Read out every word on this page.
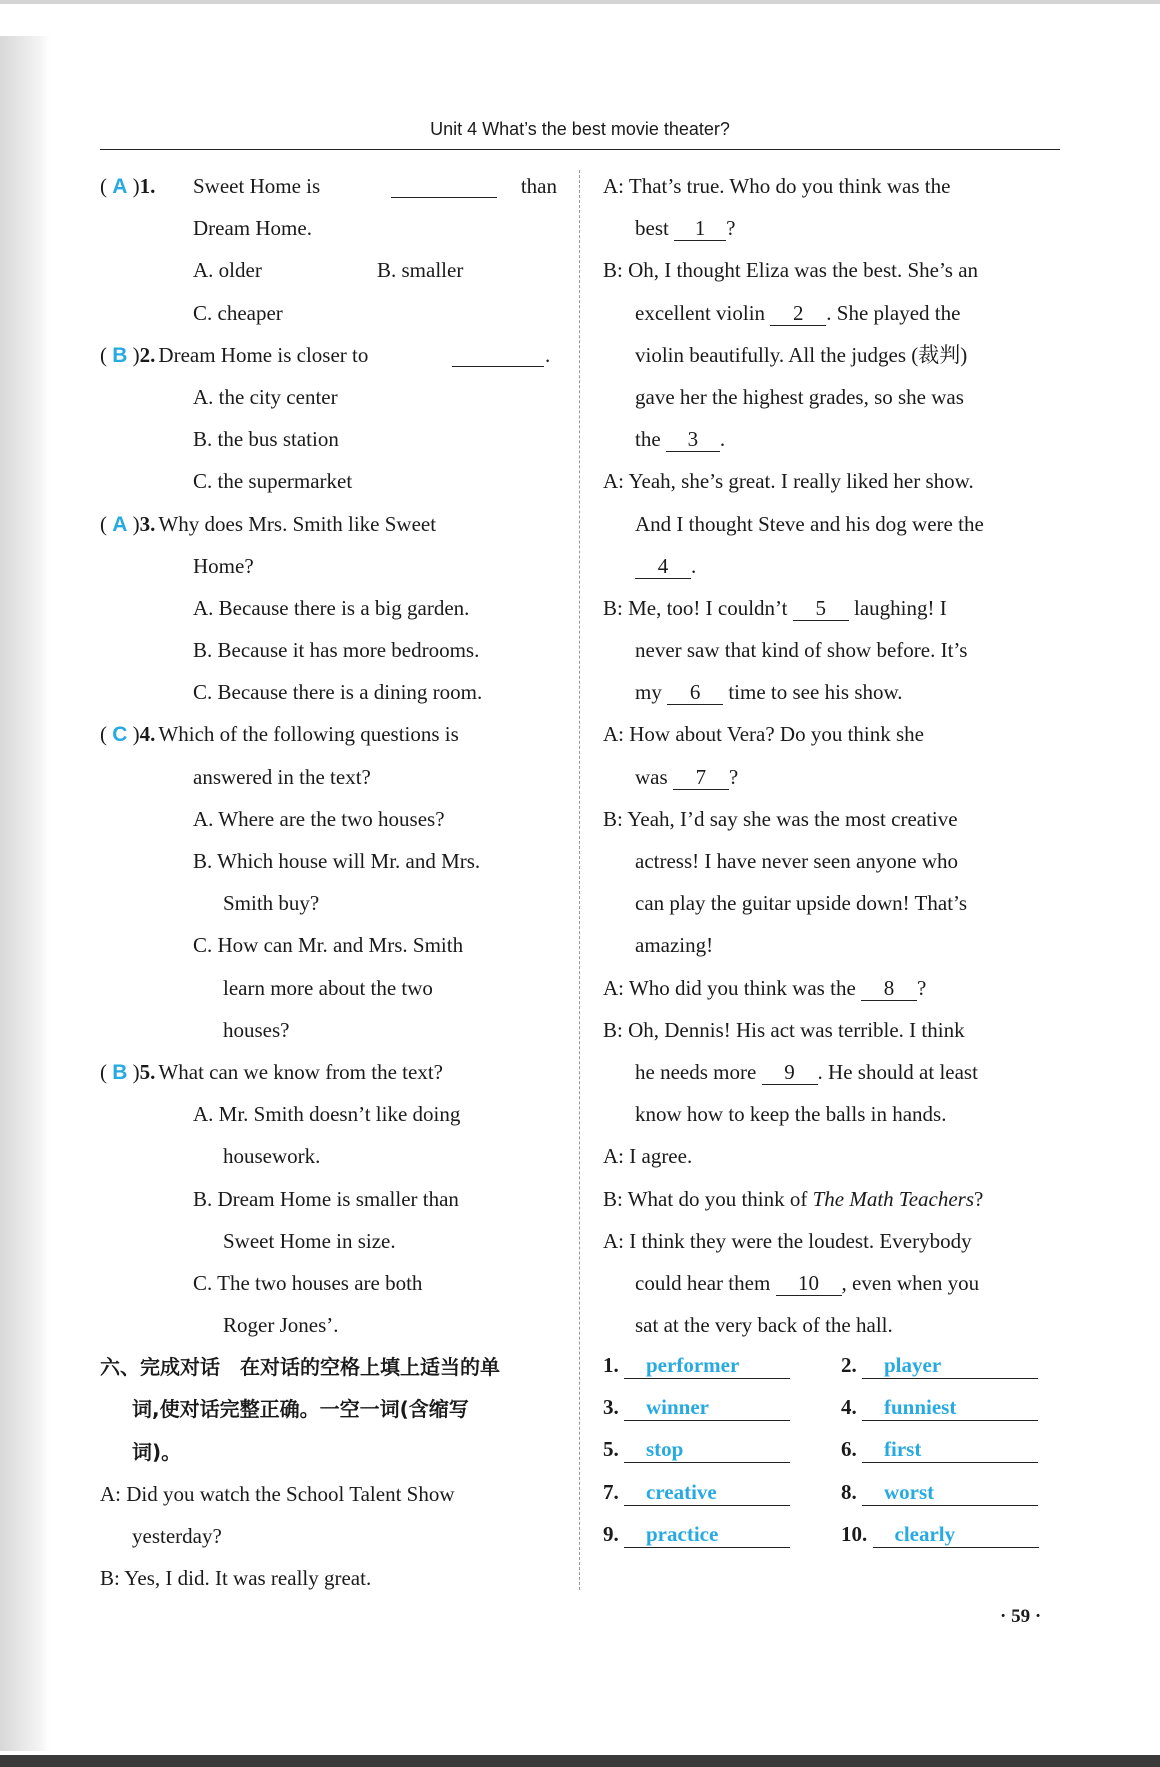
Unit 4 What’s the best movie theater?
( A )1. Sweet Home is	than
Dream Home.
A. older	B. smaller
C. cheaper
( B )2. Dream Home is closer to	.
A. the city center
B. the bus station
C. the supermarket
( A )3. Why does Mrs. Smith like Sweet
Home?
A. Because there is a big garden.
B. Because it has more bedrooms.
C. Because there is a dining room.
( C )4. Which of the following questions is
answered in the text?
A. Where are the two houses?
B. Which house will Mr. and Mrs.
Smith buy?
C. How can Mr. and Mrs. Smith
learn more about the two
houses?
( B )5. What can we know from the text?
A. Mr. Smith doesn’t like doing
housework.
B. Dream Home is smaller than
Sweet Home in size.
C. The two houses are both
Roger Jones’.
六、完成对话　在对话的空格上填上适当的单
词,使对话完整正确。一空一词(含缩写
词)。
A: Did you watch the School Talent Show
yesterday?
B: Yes, I did. It was really great.
A: That’s true. Who do you think was the
best 1 ?
B: Oh, I thought Eliza was the best. She’s an
excellent violin 2 . She played the
violin beautifully. All the judges (裁判)
gave her the highest grades, so she was
the 3 .
A: Yeah, she’s great. I really liked her show.
And I thought Steve and his dog were the
4 .
B: Me, too! I couldn’t 5 laughing! I
never saw that kind of show before. It’s
my 6 time to see his show.
A: How about Vera? Do you think she
was 7 ?
B: Yeah, I’d say she was the most creative
actress! I have never seen anyone who
can play the guitar upside down! That’s
amazing!
A: Who did you think was the 8 ?
B: Oh, Dennis! His act was terrible. I think
he needs more 9 . He should at least
know how to keep the balls in hands.
A: I agree.
B: What do you think of The Math Teachers?
A: I think they were the loudest. Everybody
could hear them 10 , even when you
sat at the very back of the hall.
1. performer	2. player
3. winner	4. funniest
5. stop	6. first
7. creative	8. worst
9. practice	10. clearly
· 59 ·
